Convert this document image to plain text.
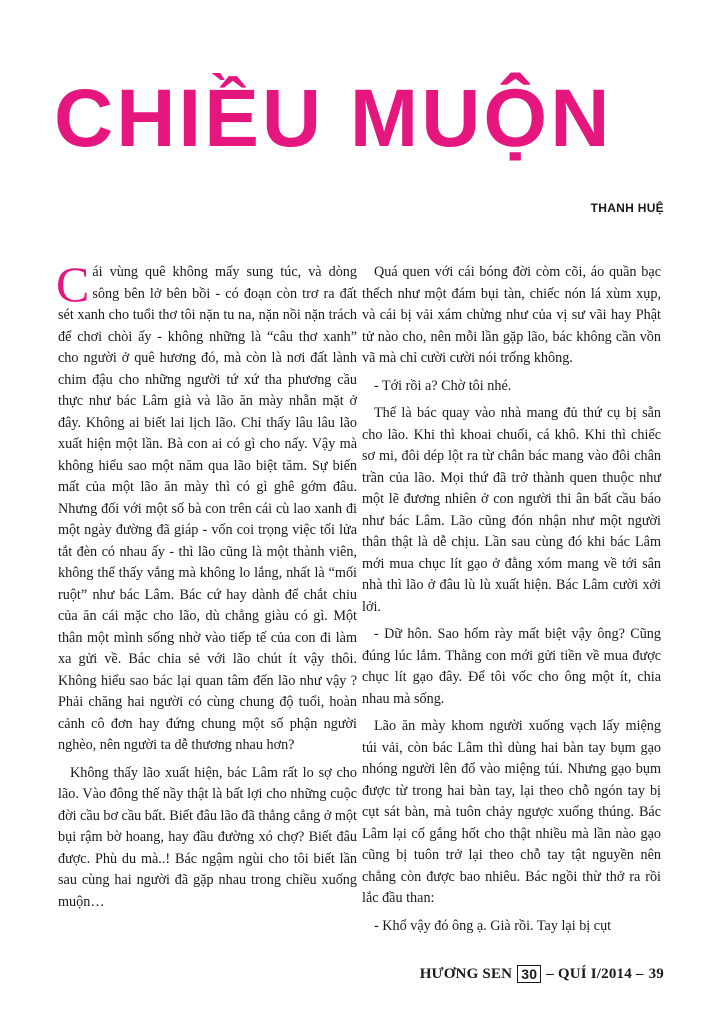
CHIỀU MUỘN
THANH HUỆ

Cái vùng quê không mấy sung túc, và dòng sông bên lở bên bồi - có đoạn còn trơ ra đất sét xanh cho tuổi thơ tôi nặn tu na, nặn nồi nặn trách để chơi chòi ấy - không những là “câu thơ xanh” cho người ở quê hương đó, mà còn là nơi đất lành chim đậu cho những người tứ xứ tha phương cầu thực như bác Lâm già và lão ăn mày nhẵn mặt ở đây. Không ai biết lai lịch lão. Chỉ thấy lâu lâu lão xuất hiện một lần. Bà con ai có gì cho nấy. Vậy mà không hiểu sao một năm qua lão biệt tăm. Sự biến mất của một lão ăn mày thì có gì ghê gớm đâu. Nhưng đối với một số bà con trên cái cù lao xanh đi một ngày đường đã giáp - vốn coi trọng việc tối lửa tắt đèn có nhau ấy - thì lão cũng là một thành viên, không thể thấy vắng mà không lo lắng, nhất là “mối ruột” như bác Lâm. Bác cứ hay dành để chắt chiu của ăn cái mặc cho lão, dù chẳng giàu có gì. Một thân một mình sống nhờ vào tiếp tế của con đi làm xa gửi về. Bác chia sẻ với lão chút ít vậy thôi. Không hiểu sao bác lại quan tâm đến lão như vậy ? Phải chăng hai người có cùng chung độ tuổi, hoàn cảnh cô đơn hay đứng chung một số phận người nghèo, nên người ta dễ thương nhau hơn?

Không thấy lão xuất hiện, bác Lâm rất lo sợ cho lão. Vào đông thế nầy thật là bất lợi cho những cuộc đời cầu bơ cầu bất. Biết đâu lão đã thẳng cẳng ở một bụi rậm bờ hoang, hay đầu đường xó chợ? Biết đâu được. Phù du mà..! Bác ngậm ngùi cho tôi biết lần sau cùng hai người đã gặp nhau trong chiều xuống muộn…

Quá quen với cái bóng đời còm cõi, áo quần bạc thếch như một đám bụi tàn, chiếc nón lá xùm xụp, và cái bị vải xám chừng như của vị sư vãi hay Phật tử nào cho, nên mỗi lần gặp lão, bác không cần vồn vã mà chỉ cười cười nói trống không.

- Tới rồi a? Chờ tôi nhé.

Thế là bác quay vào nhà mang đủ thứ cụ bị sẵn cho lão. Khi thì khoai chuối, cá khô. Khi thì chiếc sơ mi, đôi dép lột ra từ chân bác mang vào đôi chân trần của lão. Mọi thứ đã trở thành quen thuộc như một lẽ đương nhiên ở con người thi ân bất cầu báo như bác Lâm. Lão cũng đón nhận như một người thân thật là dễ chịu. Lần sau cùng đó khi bác Lâm mới mua chục lít gạo ở đằng xóm mang về tới sân nhà thì lão ở đâu lù lù xuất hiện. Bác Lâm cười xởi lởi.

- Dữ hôn. Sao hổm rày mất biệt vậy ông? Cũng đúng lúc lắm. Thằng con mới gửi tiền về mua được chục lít gạo đây. Để tôi vốc cho ông một ít, chia nhau mà sống.

Lão ăn mày khom người xuống vạch lấy miệng túi vải, còn bác Lâm thì dùng hai bàn tay bụm gạo nhóng người lên đổ vào miệng túi. Nhưng gạo bụm được từ trong hai bàn tay, lại theo chỗ ngón tay bị cụt sát bàn, mà tuôn chảy ngược xuống thúng. Bác Lâm lại cố gắng hốt cho thật nhiều mà lần nào gạo cũng bị tuôn trở lại theo chỗ tay tật nguyền nên chẳng còn được bao nhiêu. Bác ngồi thừ thở ra rồi lắc đầu than:

- Khổ vậy đó ông ạ. Già rồi. Tay lại bị cụt

HƯƠNG SEN 30 – QUÍ I/2014 – 39
